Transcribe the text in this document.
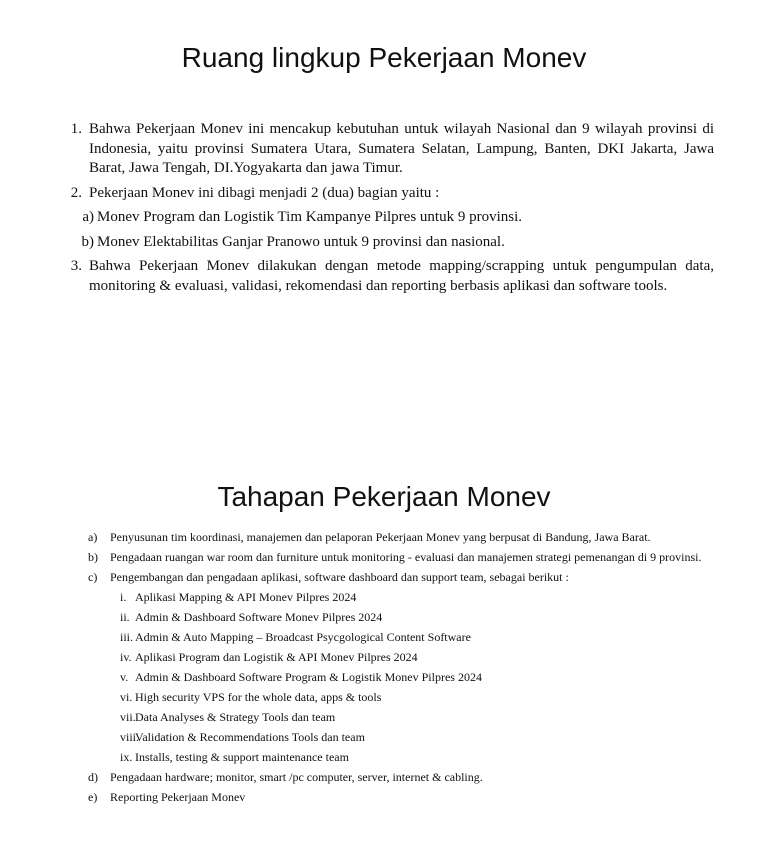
Ruang lingkup Pekerjaan Monev
1. Bahwa Pekerjaan Monev ini mencakup kebutuhan untuk wilayah Nasional dan 9 wilayah provinsi di Indonesia, yaitu provinsi Sumatera Utara, Sumatera Selatan, Lampung, Banten, DKI Jakarta, Jawa Barat, Jawa Tengah, DI.Yogyakarta dan jawa Timur.
2. Pekerjaan Monev ini dibagi menjadi 2 (dua) bagian yaitu :
a) Monev Program dan Logistik Tim Kampanye Pilpres untuk 9 provinsi.
b) Monev Elektabilitas Ganjar Pranowo untuk 9 provinsi dan nasional.
3. Bahwa Pekerjaan Monev dilakukan dengan metode mapping/scrapping untuk pengumpulan data, monitoring & evaluasi, validasi, rekomendasi dan reporting berbasis aplikasi dan software tools.
Tahapan Pekerjaan Monev
a)	Penyusunan tim koordinasi, manajemen dan pelaporan Pekerjaan Monev yang berpusat di Bandung, Jawa Barat.
b)	Pengadaan ruangan war room dan furniture untuk monitoring - evaluasi dan manajemen strategi pemenangan di 9 provinsi.
c)	Pengembangan dan pengadaan aplikasi, software dashboard dan support team, sebagai berikut :
i. Aplikasi Mapping & API Monev Pilpres 2024
ii. Admin & Dashboard Software Monev Pilpres 2024
iii. Admin & Auto Mapping – Broadcast Psycgological Content Software
iv. Aplikasi Program dan Logistik & API Monev Pilpres 2024
v. Admin & Dashboard Software Program & Logistik Monev Pilpres 2024
vi. High security VPS for the whole data, apps & tools
vii. Data Analyses & Strategy Tools dan team
viii.
Validation & Recommendations Tools dan team
ix. Installs, testing & support maintenance team
d)	Pengadaan hardware; monitor, smart /pc computer, server, internet & cabling.
e)	Reporting Pekerjaan Monev
